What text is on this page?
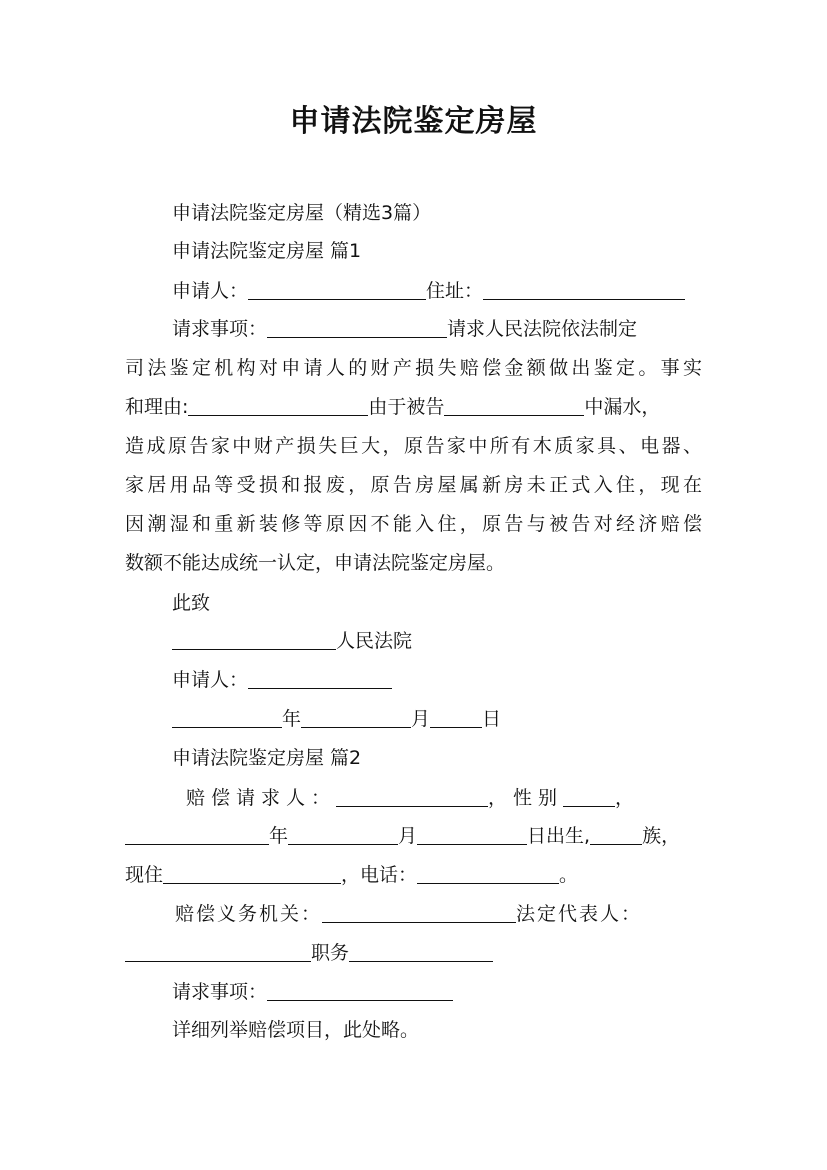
申请法院鉴定房屋
申请法院鉴定房屋（精选3篇）
申请法院鉴定房屋 篇1
申请人：	住址：
请求事项：	请求人民法院依法制定
司法鉴定机构对申请人的财产损失赔偿金额做出鉴定。事实
和理由:	由于被告	中漏水，
造成原告家中财产损失巨大，原告家中所有木质家具、电器、
家居用品等受损和报废，原告房屋属新房未正式入住，现在
因潮湿和重新装修等原因不能入住，原告与被告对经济赔偿
数额不能达成统一认定，申请法院鉴定房屋。
此致
人民法院
申请人：
年	月	日
申请法院鉴定房屋 篇2
赔偿请求人：	，性别	，
年	月	日出生,	族，
现住	，电话：	。
赔偿义务机关：	法定代表人：
职务
请求事项：
详细列举赔偿项目，此处略。
